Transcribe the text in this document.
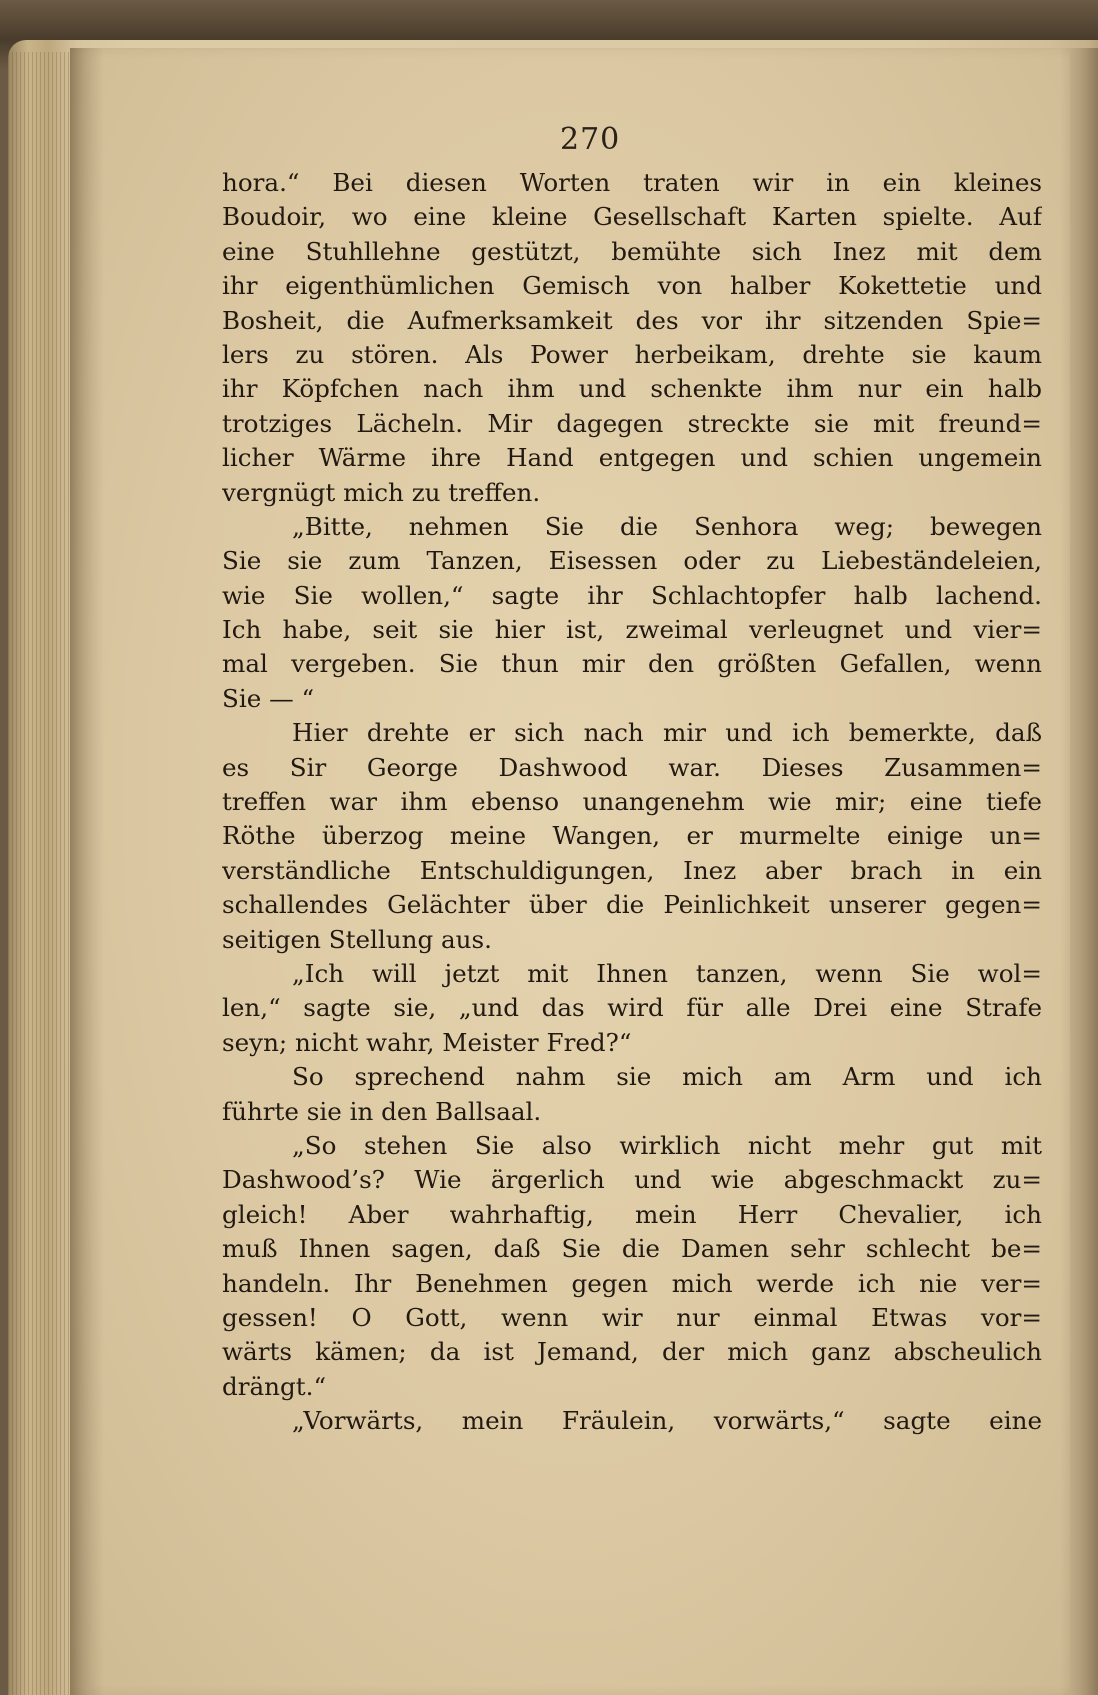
270
hora.“ Bei diesen Worten traten wir in ein kleines
Boudoir, wo eine kleine Gesellschaft Karten spielte. Auf
eine Stuhllehne gestützt, bemühte sich Inez mit dem
ihr eigenthümlichen Gemisch von halber Kokettetie und
Bosheit, die Aufmerksamkeit des vor ihr sitzenden Spie=
lers zu stören. Als Power herbeikam, drehte sie kaum
ihr Köpfchen nach ihm und schenkte ihm nur ein halb
trotziges Lächeln. Mir dagegen streckte sie mit freund=
licher Wärme ihre Hand entgegen und schien ungemein
vergnügt mich zu treffen.
„Bitte, nehmen Sie die Senhora weg; bewegen
Sie sie zum Tanzen, Eisessen oder zu Liebeständeleien,
wie Sie wollen,“ sagte ihr Schlachtopfer halb lachend.
Ich habe, seit sie hier ist, zweimal verleugnet und vier=
mal vergeben. Sie thun mir den größten Gefallen, wenn
Sie — “
Hier drehte er sich nach mir und ich bemerkte, daß
es Sir George Dashwood war. Dieses Zusammen=
treffen war ihm ebenso unangenehm wie mir; eine tiefe
Röthe überzog meine Wangen, er murmelte einige un=
verständliche Entschuldigungen, Inez aber brach in ein
schallendes Gelächter über die Peinlichkeit unserer gegen=
seitigen Stellung aus.
„Ich will jetzt mit Ihnen tanzen, wenn Sie wol=
len,“ sagte sie, „und das wird für alle Drei eine Strafe
seyn; nicht wahr, Meister Fred?“
So sprechend nahm sie mich am Arm und ich
führte sie in den Ballsaal.
„So stehen Sie also wirklich nicht mehr gut mit
Dashwood’s? Wie ärgerlich und wie abgeschmackt zu=
gleich! Aber wahrhaftig, mein Herr Chevalier, ich
muß Ihnen sagen, daß Sie die Damen sehr schlecht be=
handeln. Ihr Benehmen gegen mich werde ich nie ver=
gessen! O Gott, wenn wir nur einmal Etwas vor=
wärts kämen; da ist Jemand, der mich ganz abscheulich
drängt.“
„Vorwärts, mein Fräulein, vorwärts,“ sagte eine
